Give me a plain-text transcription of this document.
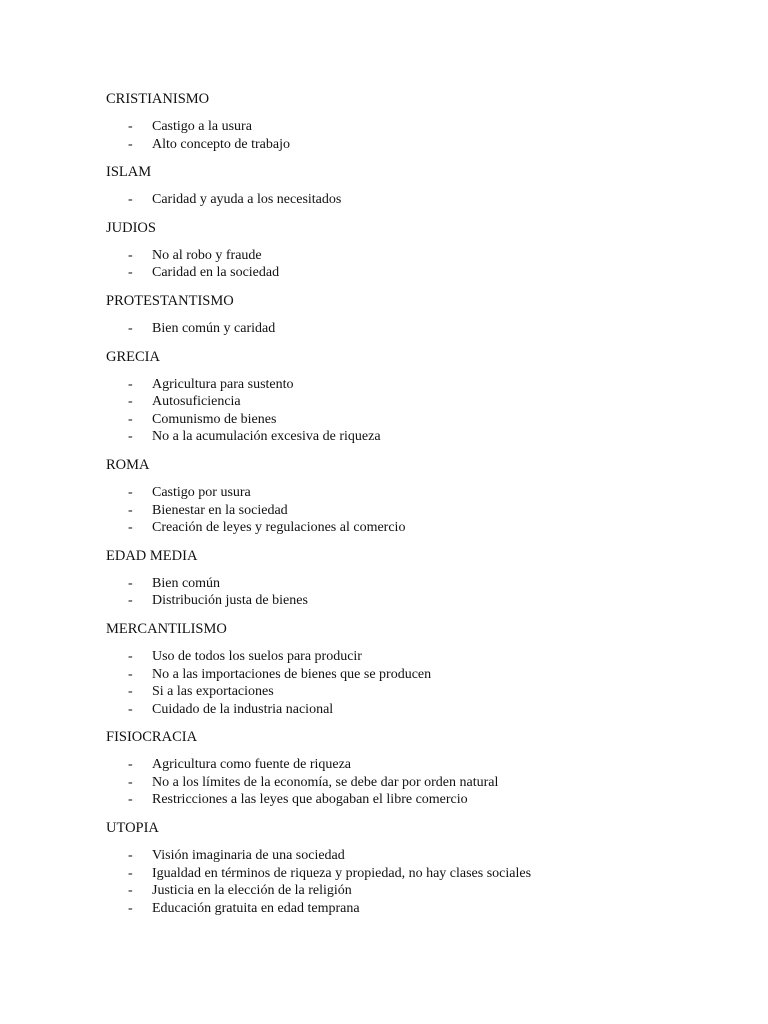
CRISTIANISMO
- Castigo a la usura
- Alto concepto de trabajo
ISLAM
- Caridad y ayuda a los necesitados
JUDIOS
- No al robo y fraude
- Caridad en la sociedad
PROTESTANTISMO
- Bien común y caridad
GRECIA
- Agricultura para sustento
- Autosuficiencia
- Comunismo de bienes
- No a la acumulación excesiva de riqueza
ROMA
- Castigo por usura
- Bienestar en la sociedad
- Creación de leyes y regulaciones al comercio
EDAD MEDIA
- Bien común
- Distribución justa de bienes
MERCANTILISMO
- Uso de todos los suelos para producir
- No a las importaciones de bienes que se producen
- Si a las exportaciones
- Cuidado de la industria nacional
FISIOCRACIA
- Agricultura como fuente de riqueza
- No a los límites de la economía, se debe dar por orden natural
- Restricciones a las leyes que abogaban el libre comercio
UTOPIA
- Visión imaginaria de una sociedad
- Igualdad en términos de riqueza y propiedad, no hay clases sociales
- Justicia en la elección de la religión
- Educación gratuita en edad temprana
